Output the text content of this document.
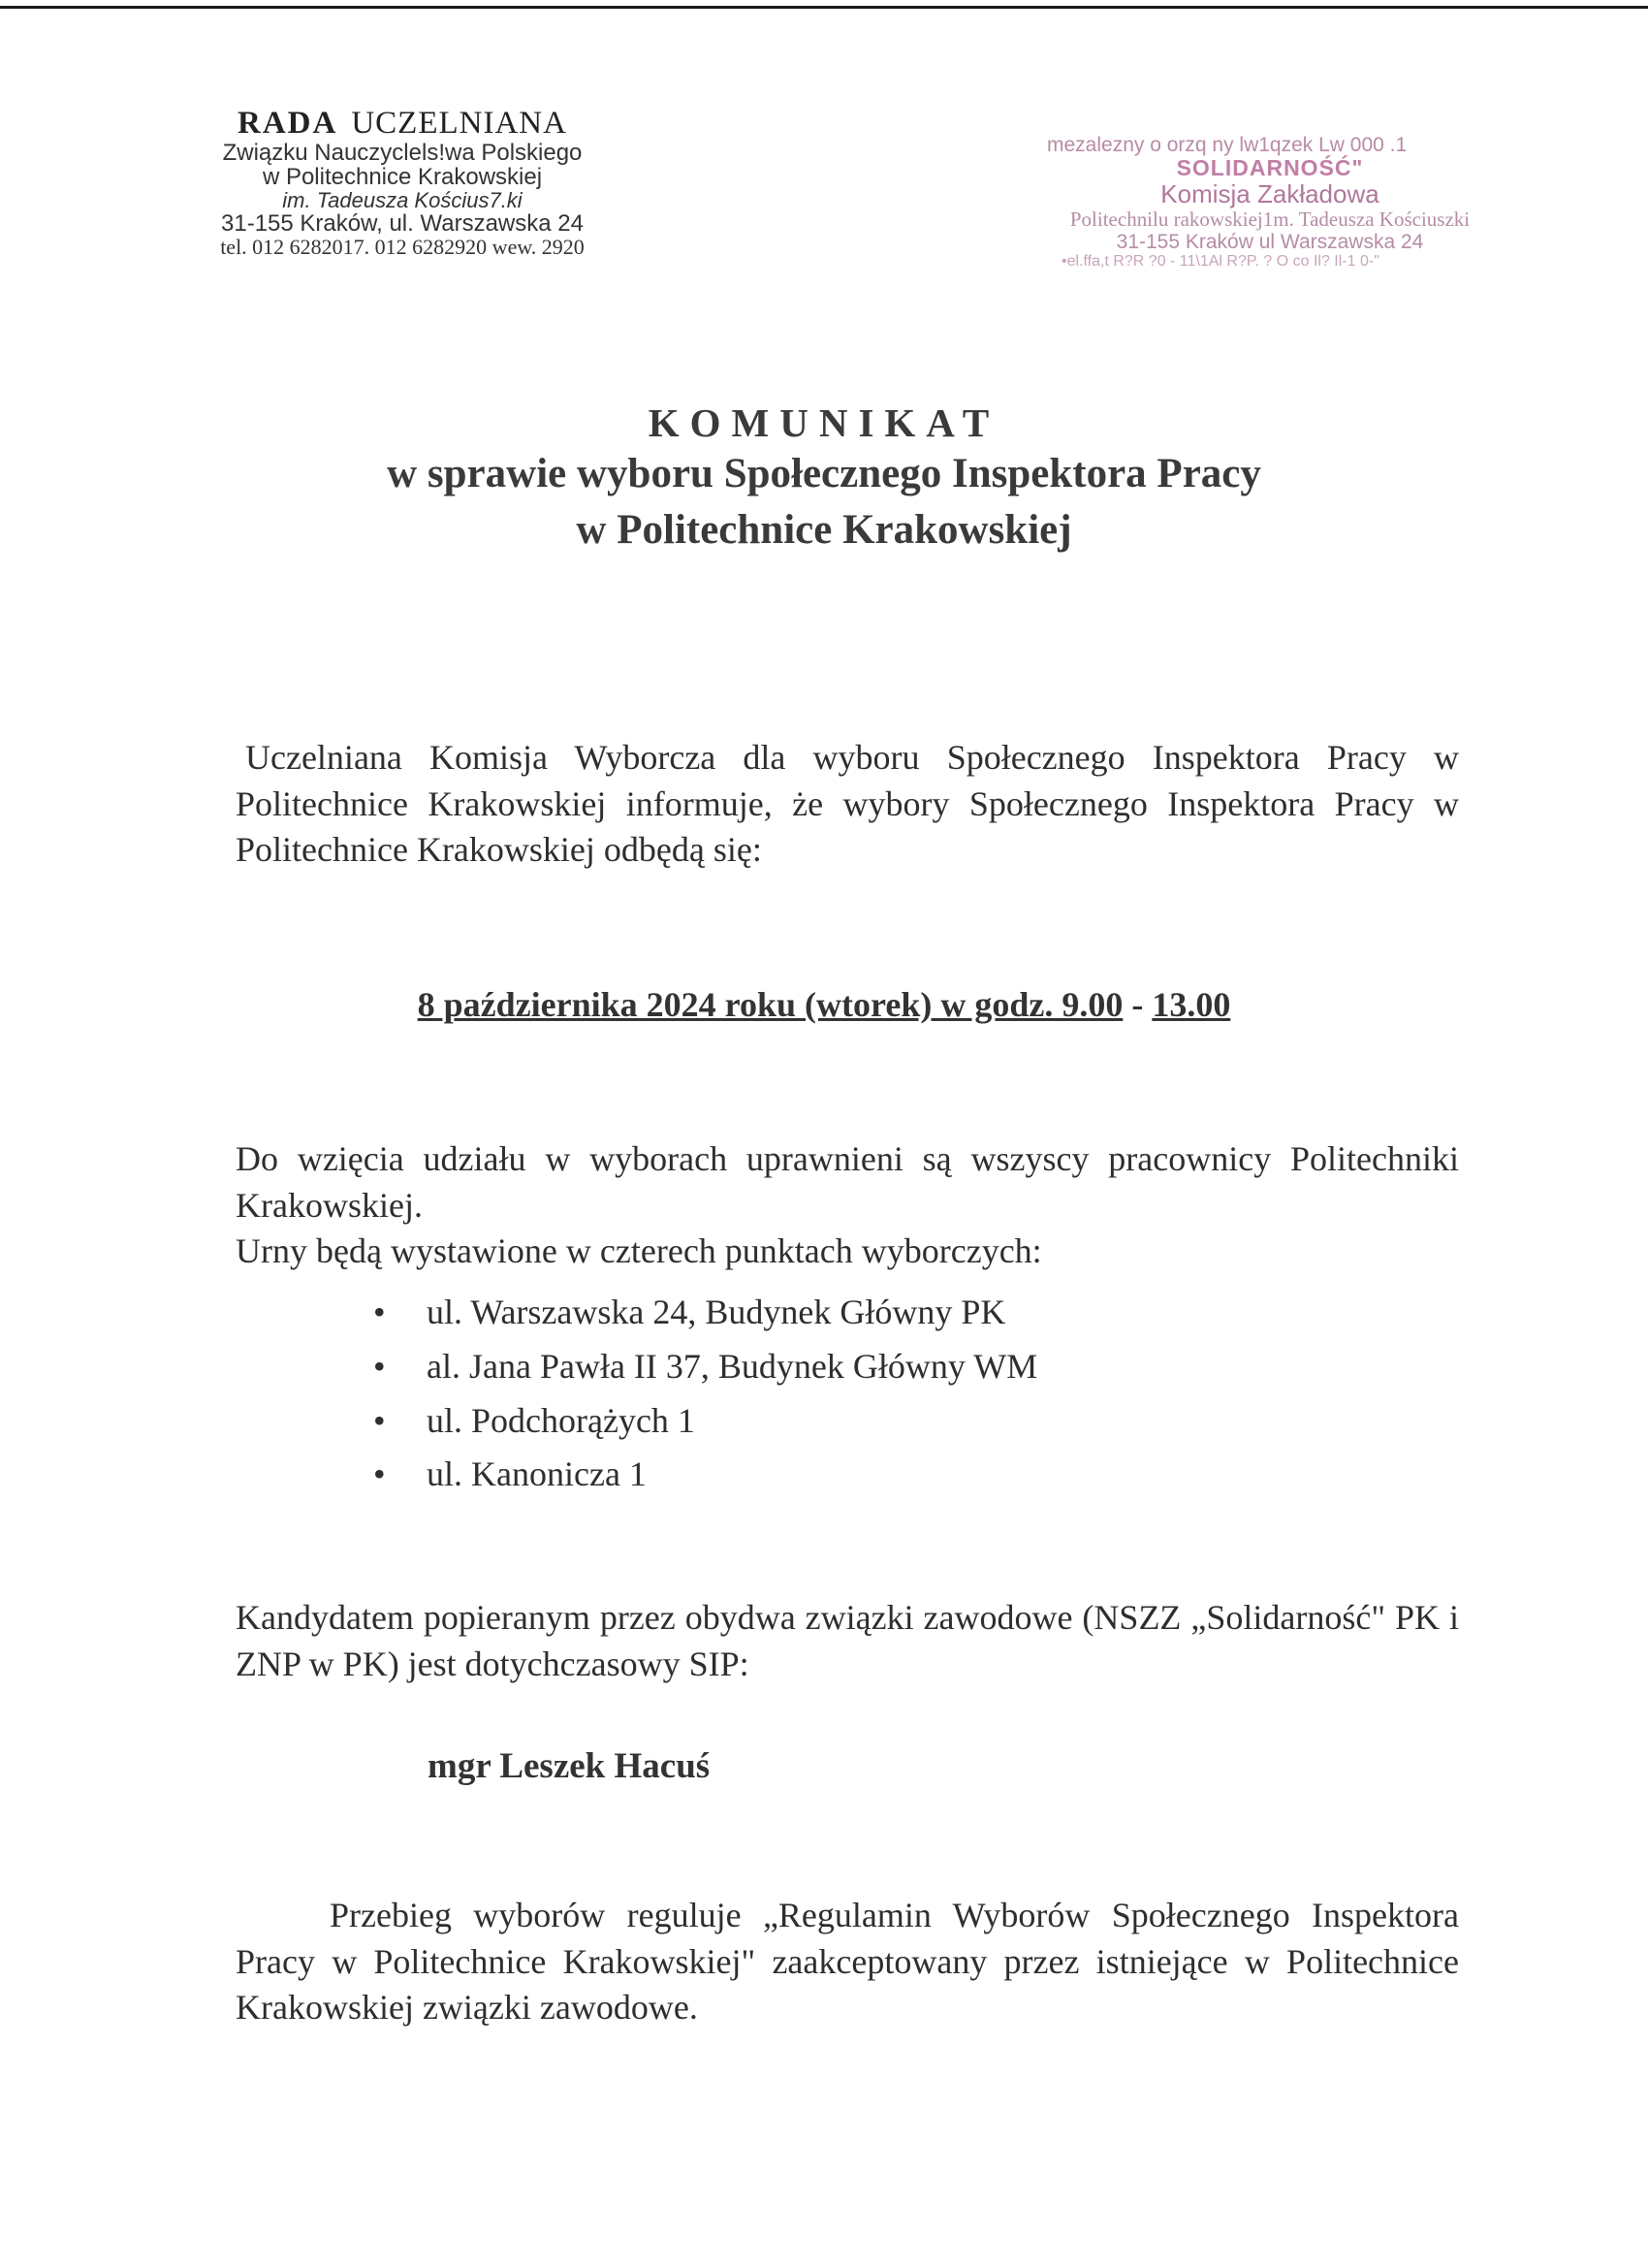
RADA UCZELNIANA
Związku Nauczyclels!wa Polskiego
w Politechnice Krakowskiej
im. Tadeusza Kościus7.ki
31-155 Kraków, ul. Warszawska 24
tel. 012 6282017. 012 6282920 wew. 2920
mezalezny o orzq ny lw1qzek Lw 000 .1
SOLIDARNOŚĆ"
Komisja Zakładowa
Politechnilu rakowskiej1m. Tadeusza Kościuszki
31-155 Kraków ul Warszawska 24
•el.ffa,t R?R ?0 - 11\1Al R?P. ? O co Il? Il-1 0-"
KOMUNIKAT
w sprawie wyboru Społecznego Inspektora Pracy
w Politechnice Krakowskiej
Uczelniana Komisja Wyborcza dla wyboru Społecznego Inspektora Pracy w Politechnice Krakowskiej informuje, że wybory Społecznego Inspektora Pracy w Politechnice Krakowskiej odbędą się:
8 października 2024 roku (wtorek) w godz. 9.00 - 13.00
Do wzięcia udziału w wyborach uprawnieni są wszyscy pracownicy Politechniki Krakowskiej.
Urny będą wystawione w czterech punktach wyborczych:
• ul. Warszawska 24, Budynek Główny PK
• al. Jana Pawła II 37, Budynek Główny WM
• ul. Podchorążych 1
• ul. Kanonicza 1
Kandydatem popieranym przez obydwa związki zawodowe (NSZZ „Solidarność" PK i ZNP w PK) jest dotychczasowy SIP:
mgr Leszek Hacuś
Przebieg wyborów reguluje „Regulamin Wyborów Społecznego Inspektora Pracy w Politechnice Krakowskiej" zaakceptowany przez istniejące w Politechnice Krakowskiej związki zawodowe.
